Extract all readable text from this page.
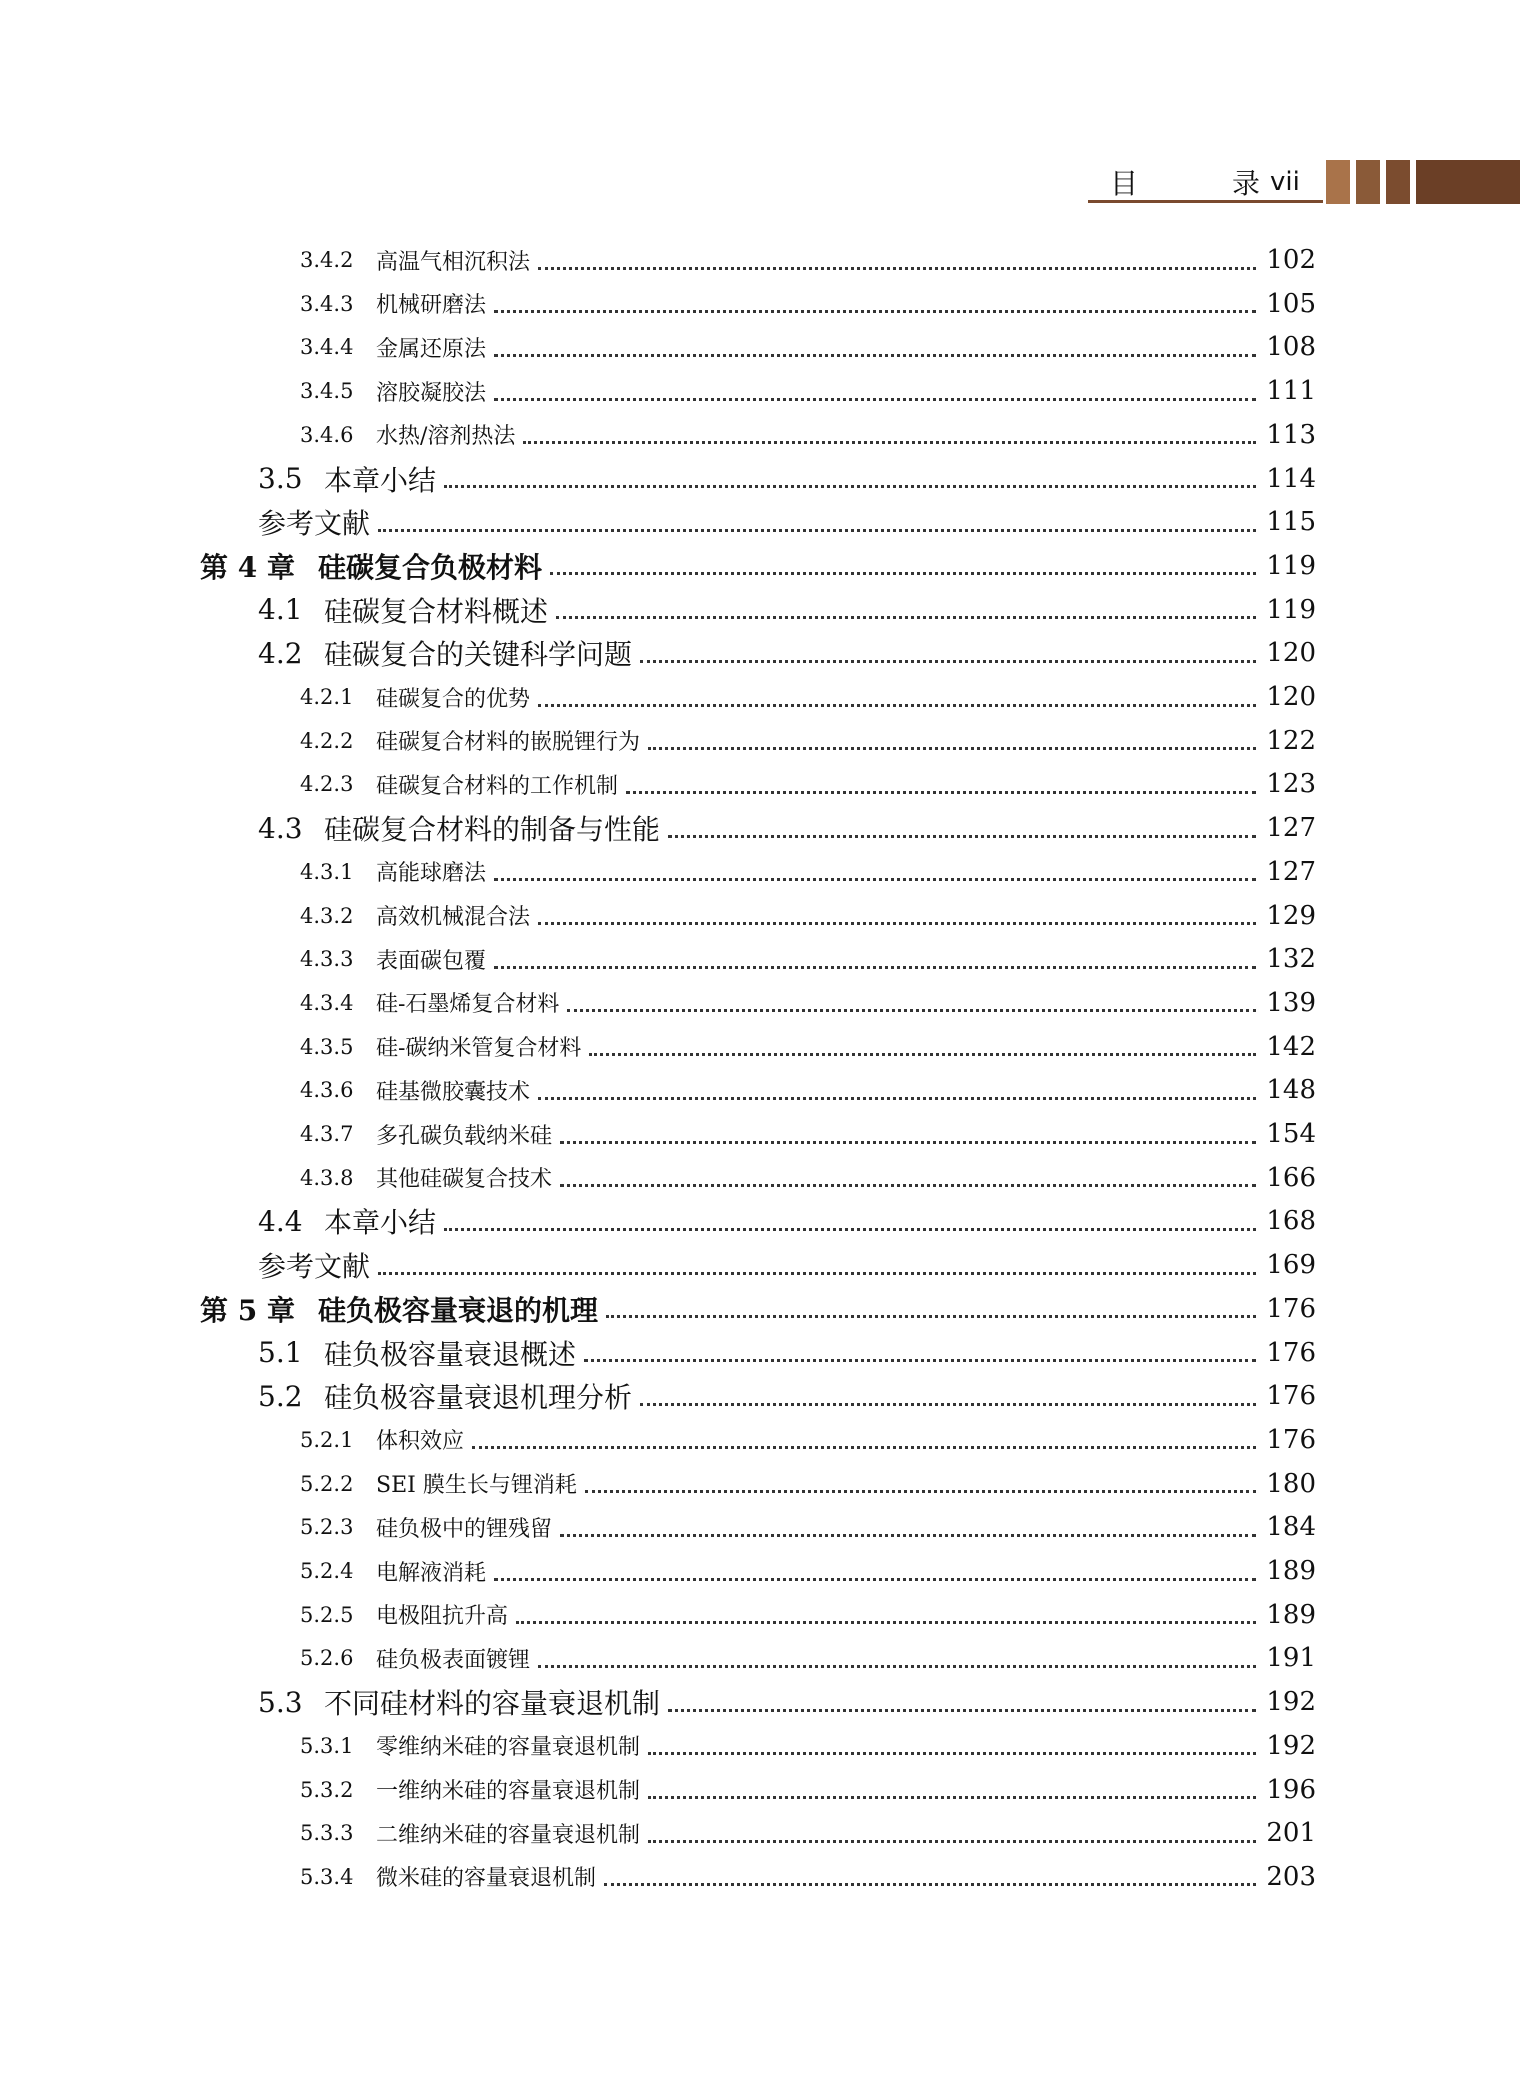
目	录 vii
3.4.2	高温气相沉积法	102
3.4.3	机械研磨法	105
3.4.4	金属还原法	108
3.4.5	溶胶凝胶法	111
3.4.6	水热/溶剂热法	113
3.5 本章小结	114
参考文献	115
第 4 章 硅碳复合负极材料	119
4.1 硅碳复合材料概述	119
4.2 硅碳复合的关键科学问题	120
4.2.1	硅碳复合的优势	120
4.2.2	硅碳复合材料的嵌脱锂行为	122
4.2.3	硅碳复合材料的工作机制	123
4.3 硅碳复合材料的制备与性能	127
4.3.1	高能球磨法	127
4.3.2	高效机械混合法	129
4.3.3	表面碳包覆	132
4.3.4	硅-石墨烯复合材料	139
4.3.5	硅-碳纳米管复合材料	142
4.3.6	硅基微胶囊技术	148
4.3.7	多孔碳负载纳米硅	154
4.3.8	其他硅碳复合技术	166
4.4 本章小结	168
参考文献	169
第 5 章 硅负极容量衰退的机理	176
5.1 硅负极容量衰退概述	176
5.2 硅负极容量衰退机理分析	176
5.2.1	体积效应	176
5.2.2	SEI 膜生长与锂消耗	180
5.2.3	硅负极中的锂残留	184
5.2.4	电解液消耗	189
5.2.5	电极阻抗升高	189
5.2.6	硅负极表面镀锂	191
5.3 不同硅材料的容量衰退机制	192
5.3.1	零维纳米硅的容量衰退机制	192
5.3.2	一维纳米硅的容量衰退机制	196
5.3.3	二维纳米硅的容量衰退机制	201
5.3.4	微米硅的容量衰退机制	203
